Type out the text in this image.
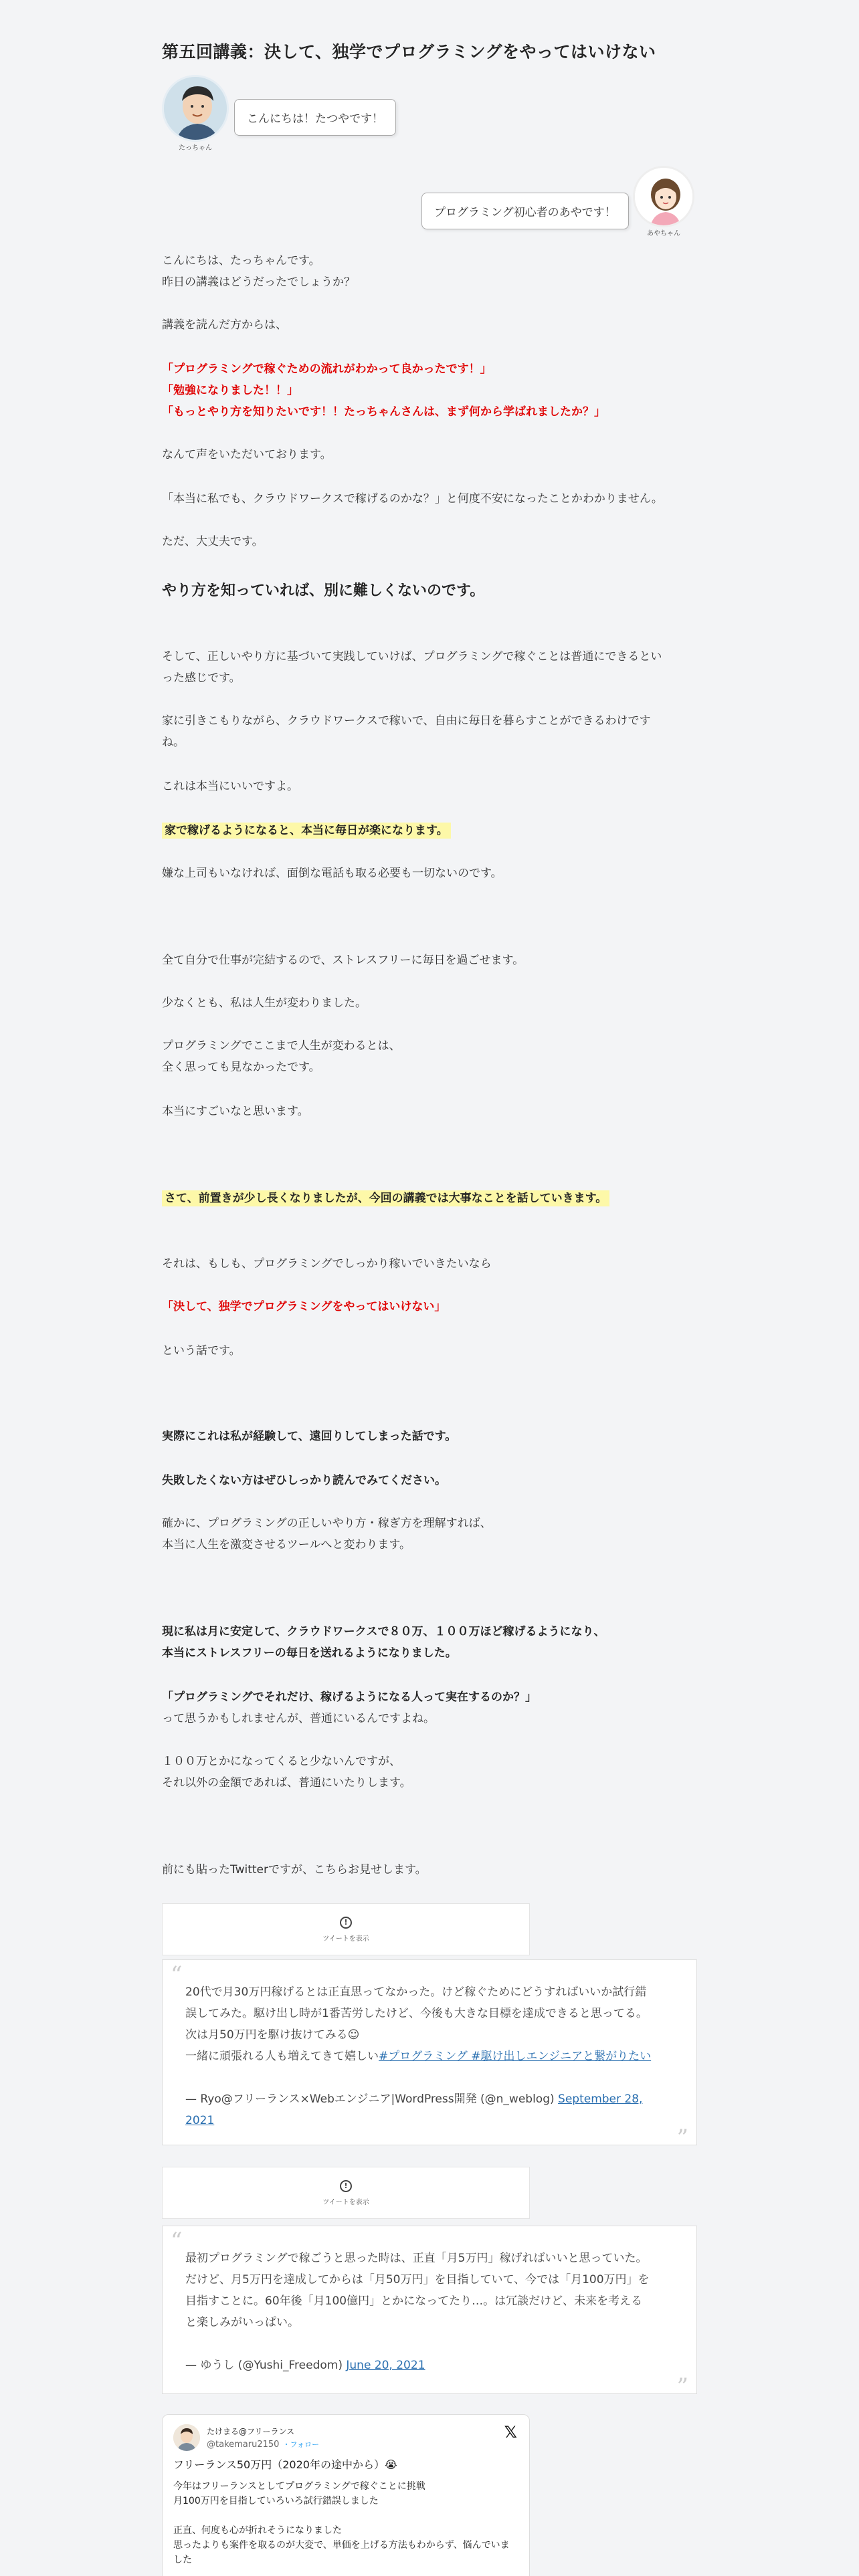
第五回講義：決して、独学でプログラミングをやってはいけない
たっちゃん
こんにちは！たつやです！
プログラミング初心者のあやです！
あやちゃん
こんにちは、たっちゃんです。
昨日の講義はどうだったでしょうか？
講義を読んだ方からは、
「プログラミングで稼ぐための流れがわかって良かったです！」
「勉強になりました！！」
「もっとやり方を知りたいです！！たっちゃんさんは、まず何から学ばれましたか？」
なんて声をいただいております。
「本当に私でも、クラウドワークスで稼げるのかな？」と何度不安になったことかわかりません。
ただ、大丈夫です。
やり方を知っていれば、別に難しくないのです。
そして、正しいやり方に基づいて実践していけば、プログラミングで稼ぐことは普通にできるとい
った感じです。
家に引きこもりながら、クラウドワークスで稼いで、自由に毎日を暮らすことができるわけです
ね。
これは本当にいいですよ。
家で稼げるようになると、本当に毎日が楽になります。
嫌な上司もいなければ、面倒な電話も取る必要も一切ないのです。
全て自分で仕事が完結するので、ストレスフリーに毎日を過ごせます。
少なくとも、私は人生が変わりました。
プログラミングでここまで人生が変わるとは、
全く思っても見なかったです。
本当にすごいなと思います。
さて、前置きが少し長くなりましたが、今回の講義では大事なことを話していきます。
それは、もしも、プログラミングでしっかり稼いでいきたいなら
「決して、独学でプログラミングをやってはいけない」
という話です。
実際にこれは私が経験して、遠回りしてしまった話です。
失敗したくない方はぜひしっかり読んでみてください。
確かに、プログラミングの正しいやり方・稼ぎ方を理解すれば、
本当に人生を激変させるツールへと変わります。
現に私は月に安定して、クラウドワークスで８０万、１００万ほど稼げるようになり、
本当にストレスフリーの毎日を送れるようになりました。
「プログラミングでそれだけ、稼げるようになる人って実在するのか？」
って思うかもしれませんが、普通にいるんですよね。
１００万とかになってくると少ないんですが、
それ以外の金額であれば、普通にいたりします。
前にも貼ったTwitterですが、こちらお見せします。
!
ツイートを表示
“
20代で月30万円稼げるとは正直思ってなかった。けど稼ぐためにどうすればいいか試行錯
誤してみた。駆け出し時が1番苦労したけど、今後も大きな目標を達成できると思ってる。
次は月50万円を駆け抜けてみる☺︎
一緒に頑張れる人も増えてきて嬉しい#プログラミング #駆け出しエンジニアと繋がりたい
— Ryo@フリーランス×Webエンジニア|WordPress開発 (@n_weblog) September 28, 2021
”
!
ツイートを表示
“
最初プログラミングで稼ごうと思った時は、正直「月5万円」稼げればいいと思っていた。
だけど、月5万円を達成してからは「月50万円」を目指していて、今では「月100万円」を
目指すことに。60年後「月100億円」とかになってたり…。は冗談だけど、未来を考える
と楽しみがいっぱい。
— ゆうし (@Yushi_Freedom) June 20, 2021
”
たけまる@フリーランス
@takemaru2150 ・フォロー
𝕏
フリーランス50万円（2020年の途中から）😭
今年はフリーランスとしてプログラミングで稼ぐことに挑戦
月100万円を目指していろいろ試行錯誤しました

正直、何度も心が折れそうになりました
思ったよりも案件を取るのが大変で、単価を上げる方法もわからず、悩んでいました
